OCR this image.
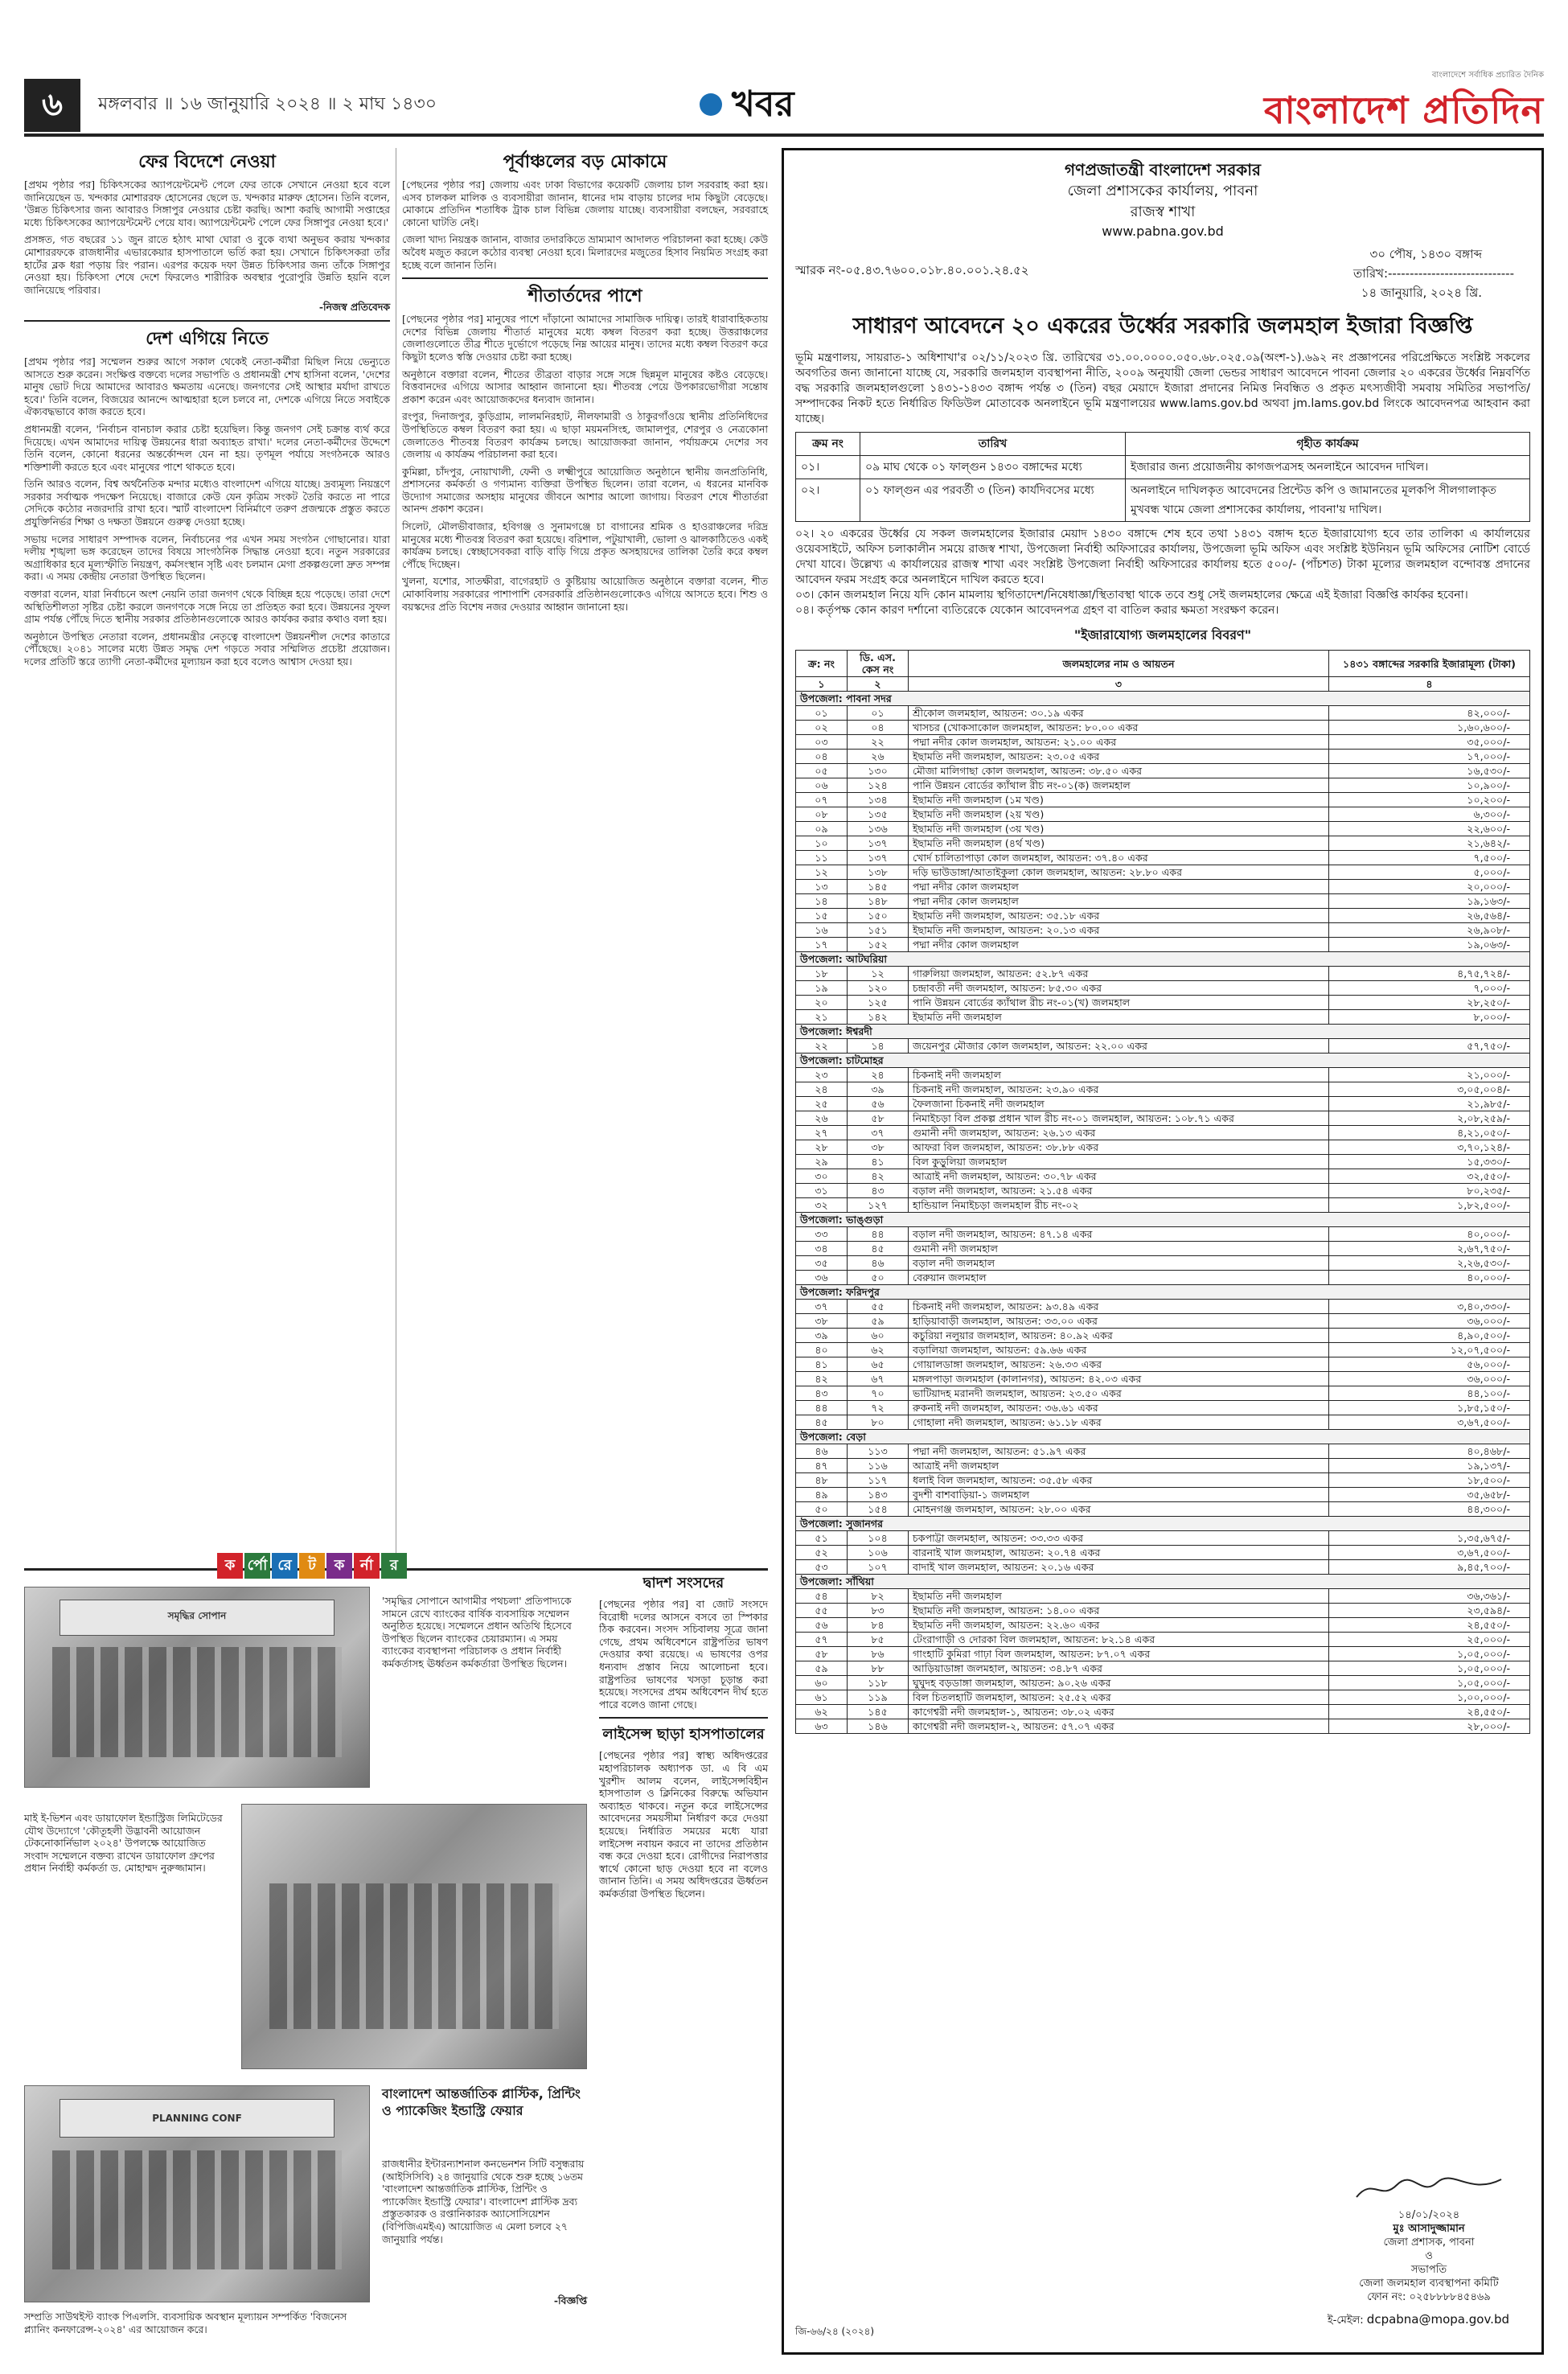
৬	মঙ্গলবার ॥ ১৬ জানুয়ারি ২০২৪ ॥ ২ মাঘ ১৪৩০	খবর
বাংলাদেশে সর্বাধিক প্রচারিত দৈনিক
বাংলাদেশ প্রতিদিন
ফের বিদেশে নেওয়া

[প্রথম পৃষ্ঠার পর] চিকিৎসকের অ্যাপয়েন্টমেন্ট পেলে ফের তাকে সেখানে নেওয়া হবে বলে জানিয়েছেন ড. খন্দকার মোশাররফ হোসেনের ছেলে ড. খন্দকার মারুফ হোসেন। তিনি বলেন, 'উন্নত চিকিৎসার জন্য আবারও সিঙ্গাপুর নেওয়ার চেষ্টা করছি। আশা করছি আগামী সপ্তাহের মধ্যে চিকিৎসকের অ্যাপয়েন্টমেন্ট পেয়ে যাব। অ্যাপয়েন্টমেন্ট পেলে ফের সিঙ্গাপুর নেওয়া হবে।'

প্রসঙ্গত, গত বছরের ১১ জুন রাতে হঠাৎ মাথা ঘোরা ও বুকে ব্যথা অনুভব করায় খন্দকার মোশাররফকে রাজধানীর এভারকেয়ার হাসপাতালে ভর্তি করা হয়। সেখানে চিকিৎসকরা তাঁর হার্টের ব্লক ধরা পড়ায় রিং পরান। এরপর কয়েক দফা উন্নত চিকিৎসার জন্য তাঁকে সিঙ্গাপুর নেওয়া হয়। চিকিৎসা শেষে দেশে ফিরলেও শারীরিক অবস্থার পুরোপুরি উন্নতি হয়নি বলে জানিয়েছে পরিবার।

-নিজস্ব প্রতিবেদক

দেশ এগিয়ে নিতে

[প্রথম পৃষ্ঠার পর] সম্মেলন শুরুর আগে সকাল থেকেই নেতা-কর্মীরা মিছিল নিয়ে ভেন্যুতে আসতে শুরু করেন। সংক্ষিপ্ত বক্তব্যে দলের সভাপতি ও প্রধানমন্ত্রী শেখ হাসিনা বলেন, 'দেশের মানুষ ভোট দিয়ে আমাদের আবারও ক্ষমতায় এনেছে। জনগণের সেই আস্থার মর্যাদা রাখতে হবে।' তিনি বলেন, বিজয়ের আনন্দে আত্মহারা হলে চলবে না, দেশকে এগিয়ে নিতে সবাইকে ঐক্যবদ্ধভাবে কাজ করতে হবে।

প্রধানমন্ত্রী বলেন, 'নির্বাচন বানচাল করার চেষ্টা হয়েছিল। কিন্তু জনগণ সেই চক্রান্ত ব্যর্থ করে দিয়েছে। এখন আমাদের দায়িত্ব উন্নয়নের ধারা অব্যাহত রাখা।' দলের নেতা-কর্মীদের উদ্দেশে তিনি বলেন, কোনো ধরনের অন্তর্কোন্দল যেন না হয়। তৃণমূল পর্যায়ে সংগঠনকে আরও শক্তিশালী করতে হবে এবং মানুষের পাশে থাকতে হবে।

তিনি আরও বলেন, বিশ্ব অর্থনৈতিক মন্দার মধ্যেও বাংলাদেশ এগিয়ে যাচ্ছে। দ্রব্যমূল্য নিয়ন্ত্রণে সরকার সর্বাত্মক পদক্ষেপ নিয়েছে। বাজারে কেউ যেন কৃত্রিম সংকট তৈরি করতে না পারে সেদিকে কঠোর নজরদারি রাখা হবে। স্মার্ট বাংলাদেশ বিনির্মাণে তরুণ প্রজন্মকে প্রস্তুত করতে প্রযুক্তিনির্ভর শিক্ষা ও দক্ষতা উন্নয়নে গুরুত্ব দেওয়া হচ্ছে।

সভায় দলের সাধারণ সম্পাদক বলেন, নির্বাচনের পর এখন সময় সংগঠন গোছানোর। যারা দলীয় শৃঙ্খলা ভঙ্গ করেছেন তাদের বিষয়ে সাংগঠনিক সিদ্ধান্ত নেওয়া হবে। নতুন সরকারের অগ্রাধিকার হবে মূল্যস্ফীতি নিয়ন্ত্রণ, কর্মসংস্থান সৃষ্টি এবং চলমান মেগা প্রকল্পগুলো দ্রুত সম্পন্ন করা। এ সময় কেন্দ্রীয় নেতারা উপস্থিত ছিলেন।

বক্তারা বলেন, যারা নির্বাচনে অংশ নেয়নি তারা জনগণ থেকে বিচ্ছিন্ন হয়ে পড়েছে। তারা দেশে অস্থিতিশীলতা সৃষ্টির চেষ্টা করলে জনগণকে সঙ্গে নিয়ে তা প্রতিহত করা হবে। উন্নয়নের সুফল গ্রাম পর্যন্ত পৌঁছে দিতে স্থানীয় সরকার প্রতিষ্ঠানগুলোকে আরও কার্যকর করার কথাও বলা হয়।

অনুষ্ঠানে উপস্থিত নেতারা বলেন, প্রধানমন্ত্রীর নেতৃত্বে বাংলাদেশ উন্নয়নশীল দেশের কাতারে পৌঁছেছে। ২০৪১ সালের মধ্যে উন্নত সমৃদ্ধ দেশ গড়তে সবার সম্মিলিত প্রচেষ্টা প্রয়োজন। দলের প্রতিটি স্তরে ত্যাগী নেতা-কর্মীদের মূল্যায়ন করা হবে বলেও আশ্বাস দেওয়া হয়।

পূর্বাঞ্চলের বড় মোকামে

[পেছনের পৃষ্ঠার পর] জেলায় এবং ঢাকা বিভাগের কয়েকটি জেলায় চাল সরবরাহ করা হয়। এসব চালকল মালিক ও ব্যবসায়ীরা জানান, ধানের দাম বাড়ায় চালের দাম কিছুটা বেড়েছে। মোকামে প্রতিদিন শতাধিক ট্রাক চাল বিভিন্ন জেলায় যাচ্ছে। ব্যবসায়ীরা বলছেন, সরবরাহে কোনো ঘাটতি নেই।

জেলা খাদ্য নিয়ন্ত্রক জানান, বাজার তদারকিতে ভ্রাম্যমাণ আদালত পরিচালনা করা হচ্ছে। কেউ অবৈধ মজুত করলে কঠোর ব্যবস্থা নেওয়া হবে। মিলারদের মজুতের হিসাব নিয়মিত সংগ্রহ করা হচ্ছে বলে জানান তিনি।

শীতার্তদের পাশে

[পেছনের পৃষ্ঠার পর] মানুষের পাশে দাঁড়ানো আমাদের সামাজিক দায়িত্ব। তারই ধারাবাহিকতায় দেশের বিভিন্ন জেলায় শীতার্ত মানুষের মধ্যে কম্বল বিতরণ করা হচ্ছে। উত্তরাঞ্চলের জেলাগুলোতে তীব্র শীতে দুর্ভোগে পড়েছে নিম্ন আয়ের মানুষ। তাদের মধ্যে কম্বল বিতরণ করে কিছুটা হলেও স্বস্তি দেওয়ার চেষ্টা করা হচ্ছে।

অনুষ্ঠানে বক্তারা বলেন, শীতের তীব্রতা বাড়ার সঙ্গে সঙ্গে ছিন্নমূল মানুষের কষ্টও বেড়েছে। বিত্তবানদের এগিয়ে আসার আহ্বান জানানো হয়। শীতবস্ত্র পেয়ে উপকারভোগীরা সন্তোষ প্রকাশ করেন এবং আয়োজকদের ধন্যবাদ জানান।

রংপুর, দিনাজপুর, কুড়িগ্রাম, লালমনিরহাট, নীলফামারী ও ঠাকুরগাঁওয়ে স্থানীয় প্রতিনিধিদের উপস্থিতিতে কম্বল বিতরণ করা হয়। এ ছাড়া ময়মনসিংহ, জামালপুর, শেরপুর ও নেত্রকোনা জেলাতেও শীতবস্ত্র বিতরণ কার্যক্রম চলছে। আয়োজকরা জানান, পর্যায়ক্রমে দেশের সব জেলায় এ কার্যক্রম পরিচালনা করা হবে।

কুমিল্লা, চাঁদপুর, নোয়াখালী, ফেনী ও লক্ষ্মীপুরে আয়োজিত অনুষ্ঠানে স্থানীয় জনপ্রতিনিধি, প্রশাসনের কর্মকর্তা ও গণ্যমান্য ব্যক্তিরা উপস্থিত ছিলেন। তারা বলেন, এ ধরনের মানবিক উদ্যোগ সমাজের অসহায় মানুষের জীবনে আশার আলো জাগায়। বিতরণ শেষে শীতার্তরা আনন্দ প্রকাশ করেন।

সিলেট, মৌলভীবাজার, হবিগঞ্জ ও সুনামগঞ্জে চা বাগানের শ্রমিক ও হাওরাঞ্চলের দরিদ্র মানুষের মধ্যে শীতবস্ত্র বিতরণ করা হয়েছে। বরিশাল, পটুয়াখালী, ভোলা ও ঝালকাঠিতেও একই কার্যক্রম চলছে। স্বেচ্ছাসেবকরা বাড়ি বাড়ি গিয়ে প্রকৃত অসহায়দের তালিকা তৈরি করে কম্বল পৌঁছে দিচ্ছেন।

খুলনা, যশোর, সাতক্ষীরা, বাগেরহাট ও কুষ্টিয়ায় আয়োজিত অনুষ্ঠানে বক্তারা বলেন, শীত মোকাবিলায় সরকারের পাশাপাশি বেসরকারি প্রতিষ্ঠানগুলোকেও এগিয়ে আসতে হবে। শিশু ও বয়স্কদের প্রতি বিশেষ নজর দেওয়ার আহ্বান জানানো হয়।

ক র্পো রে	ট	ক	র্না	র
সমৃদ্ধির সোপান
'সমৃদ্ধির সোপানে আগামীর পথচলা' প্রতিপাদ্যকে সামনে রেখে ব্যাংকের বার্ষিক ব্যবসায়িক সম্মেলন অনুষ্ঠিত হয়েছে। সম্মেলনে প্রধান অতিথি হিসেবে উপস্থিত ছিলেন ব্যাংকের চেয়ারম্যান। এ সময় ব্যাংকের ব্যবস্থাপনা পরিচালক ও প্রধান নির্বাহী কর্মকর্তাসহ ঊর্ধ্বতন কর্মকর্তারা উপস্থিত ছিলেন।
মাই ই-ভিশন এবং ডায়াফোল ইন্ডাস্ট্রিজ লিমিটেডের যৌথ উদ্যোগে 'কৌতূহলী উদ্ভাবনী আয়োজন টেকনোকার্নিভাল ২০২৪' উপলক্ষে আয়োজিত সংবাদ সম্মেলনে বক্তব্য রাখেন ডায়াফোল গ্রুপের প্রধান নির্বাহী কর্মকর্তা ড. মোহাম্মদ নুরুজ্জামান।
PLANNING CONF
সম্প্রতি সাউথইস্ট ব্যাংক পিএলসি. ব্যবসায়িক অবস্থান মূল্যায়ন সম্পর্কিত 'বিজনেস প্ল্যানিং কনফারেন্স-২০২৪' এর আয়োজন করে।
বাংলাদেশ আন্তর্জাতিক প্লাস্টিক, প্রিন্টিং ও প্যাকেজিং ইন্ডাস্ট্রি ফেয়ার
রাজধানীর ইন্টারন্যাশনাল কনভেনশন সিটি বসুন্ধরায় (আইসিসিবি) ২৪ জানুয়ারি থেকে শুরু হচ্ছে ১৬তম 'বাংলাদেশ আন্তর্জাতিক প্লাস্টিক, প্রিন্টিং ও প্যাকেজিং ইন্ডাস্ট্রি ফেয়ার'। বাংলাদেশ প্লাস্টিক দ্রব্য প্রস্তুতকারক ও রপ্তানিকারক অ্যাসোসিয়েশন (বিপিজিএমইএ) আয়োজিত এ মেলা চলবে ২৭ জানুয়ারি পর্যন্ত।
-বিজ্ঞপ্তি
দ্বাদশ সংসদের

[পেছনের পৃষ্ঠার পর] বা জোট সংসদে বিরোধী দলের আসনে বসবে তা স্পিকার ঠিক করবেন। সংসদ সচিবালয় সূত্রে জানা গেছে, প্রথম অধিবেশনে রাষ্ট্রপতির ভাষণ দেওয়ার কথা রয়েছে। এ ভাষণের ওপর ধন্যবাদ প্রস্তাব নিয়ে আলোচনা হবে। রাষ্ট্রপতির ভাষণের খসড়া চূড়ান্ত করা হয়েছে। সংসদের প্রথম অধিবেশন দীর্ঘ হতে পারে বলেও জানা গেছে।

লাইসেন্স ছাড়া হাসপাতালের

[পেছনের পৃষ্ঠার পর] স্বাস্থ্য অধিদপ্তরের মহাপরিচালক অধ্যাপক ডা. এ বি এম খুরশীদ আলম বলেন, লাইসেন্সবিহীন হাসপাতাল ও ক্লিনিকের বিরুদ্ধে অভিযান অব্যাহত থাকবে। নতুন করে লাইসেন্সের আবেদনের সময়সীমা নির্ধারণ করে দেওয়া হয়েছে। নির্ধারিত সময়ের মধ্যে যারা লাইসেন্স নবায়ন করবে না তাদের প্রতিষ্ঠান বন্ধ করে দেওয়া হবে। রোগীদের নিরাপত্তার স্বার্থে কোনো ছাড় দেওয়া হবে না বলেও জানান তিনি। এ সময় অধিদপ্তরের ঊর্ধ্বতন কর্মকর্তারা উপস্থিত ছিলেন।

গণপ্রজাতন্ত্রী বাংলাদেশ সরকার
জেলা প্রশাসকের কার্যালয়, পাবনা
রাজস্ব শাখা
www.pabna.gov.bd
স্মারক নং-০৫.৪৩.৭৬০০.০১৮.৪০.০০১.২৪.৫২
৩০ পৌষ, ১৪৩০ বঙ্গাব্দ
তারিখ:-----------------------------
১৪ জানুয়ারি, ২০২৪ খ্রি.
সাধারণ আবেদনে ২০ একরের উর্ধ্বের সরকারি জলমহাল ইজারা বিজ্ঞপ্তি

ভূমি মন্ত্রণালয়, সায়রাত-১ অধিশাখা'র ০২/১১/২০২৩ খ্রি. তারিখের ৩১.০০.০০০০.০৫০.৬৮.০২৫.০৯(অংশ-১).৬৯২ নং প্রজ্ঞাপনের পরিপ্রেক্ষিতে সংশ্লিষ্ট সকলের অবগতির জন্য জানানো যাচ্ছে যে, সরকারি জলমহাল ব্যবস্থাপনা নীতি, ২০০৯ অনুযায়ী জেলা ভেন্ডর সাধারণ আবেদনে পাবনা জেলার ২০ একরের উর্ধ্বের নিম্নবর্ণিত বদ্ধ সরকারি জলমহালগুলো ১৪৩১-১৪৩৩ বঙ্গাব্দ পর্যন্ত ৩ (তিন) বছর মেয়াদে ইজারা প্রদানের নিমিত্ত নিবন্ধিত ও প্রকৃত মৎস্যজীবী সমবায় সমিতির সভাপতি/সম্পাদকের নিকট হতে নির্ধারিত ফিডিউল মোতাবেক অনলাইনে ভূমি মন্ত্রণালয়ের www.lams.gov.bd অথবা jm.lams.gov.bd লিংকে আবেদনপত্র আহবান করা যাচ্ছে।

ক্রম নং	তারিখ	গৃহীত কার্যক্রম
০১।	০৯ মাঘ থেকে ০১ ফাল্গুন ১৪৩০ বঙ্গাব্দের মধ্যে	ইজারার জন্য প্রয়োজনীয় কাগজপত্রসহ অনলাইনে আবেদন দাখিল।
০২।	০১ ফাল্গুন এর পরবর্তী ৩ (তিন) কার্যদিবসের মধ্যে	অনলাইনে দাখিলকৃত আবেদনের প্রিন্টেড কপি ও জামানতের মূলকপি সীলগালাকৃত মুখবন্ধ খামে জেলা প্রশাসকের কার্যালয়, পাবনা'য় দাখিল।

০২। ২০ একরের উর্ধ্বের যে সকল জলমহালের ইজারার মেয়াদ ১৪৩০ বঙ্গাব্দে শেষ হবে তথা ১৪৩১ বঙ্গাব্দ হতে ইজারাযোগ্য হবে তার তালিকা এ কার্যালয়ের ওয়েবসাইটে, অফিস চলাকালীন সময়ে রাজস্ব শাখা, উপজেলা নির্বাহী অফিসারের কার্যালয়, উপজেলা ভূমি অফিস এবং সংশ্লিষ্ট ইউনিয়ন ভূমি অফিসের নোটিশ বোর্ডে দেখা যাবে। উল্লেখ্য এ কার্যালয়ের রাজস্ব শাখা এবং সংশ্লিষ্ট উপজেলা নির্বাহী অফিসারের কার্যালয় হতে ৫০০/- (পাঁচশত) টাকা মূল্যের জলমহাল বন্দোবস্ত প্রদানের আবেদন ফরম সংগ্রহ করে অনলাইনে দাখিল করতে হবে।

০৩। কোন জলমহাল নিয়ে যদি কোন মামলায় স্থগিতাদেশ/নিষেধাজ্ঞা/স্থিতাবস্থা থাকে তবে শুধু সেই জলমহালের ক্ষেত্রে এই ইজারা বিজ্ঞপ্তি কার্যকর হবেনা।

০৪। কর্তৃপক্ষ কোন কারণ দর্শানো ব্যতিরেকে যেকোন আবেদনপত্র গ্রহণ বা বাতিল করার ক্ষমতা সংরক্ষণ করেন।

"ইজারাযোগ্য জলমহালের বিবরণ"
ক্র: নং	ডি. এস. কেস নং	জলমহালের নাম ও আয়তন	১৪৩১ বঙ্গাব্দের সরকারি ইজারামূল্য (টাকা)
১	২	৩	৪
উপজেলা: পাবনা সদর			
০১	০১	শ্রীকোল জলমহাল, আয়তন: ৩০.১৯ একর	৪২,০০০/-
০২	০৪	খাসচর (খোকসাকোল জলমহাল, আয়তন: ৮০.০০ একর	১,৬০,৬০০/-
০৩	২২	পদ্মা নদীর কোল জলমহাল, আয়তন: ২১.০০ একর	৩৫,০০০/-
০৪	২৬	ইছামতি নদী জলমহাল, আয়তন: ২৩.০৫ একর	১৭,০০০/-
০৫	১৩০	মৌজা মালিগাছা কোল জলমহাল, আয়তন: ৩৮.৫০ একর	১৬,৫৩০/-
০৬	১২৪	পানি উন্নয়ন বোর্ডের ক্যাঁথাল রীচ নং-০১(ক) জলমহাল	১০,৯০০/-
০৭	১৩৪	ইছামতি নদী জলমহাল (১ম খণ্ড)	১০,২০০/-
০৮	১৩৫	ইছামতি নদী জলমহাল (২য় খণ্ড)	৬,৩০০/-
০৯	১৩৬	ইছামতি নদী জলমহাল (৩য় খণ্ড)	২২,৬০০/-
১০	১৩৭	ইছামতি নদী জলমহাল (৪র্থ খণ্ড)	২১,৬৪২/-
১১	১৩৭	খোর্দ চালিতাপাড়া কোল জলমহাল, আয়তন: ৩৭.৪০ একর	৭,৫০০/-
১২	১৩৮	দড়ি ভাউডাঙ্গা/আতাইকুলা কোল জলমহাল, আয়তন: ২৮.৮০ একর	৫,০০০/-
১৩	১৪৫	পদ্মা নদীর কোল জলমহাল	২০,০০০/-
১৪	১৪৮	পদ্মা নদীর কোল জলমহাল	১৯,১৬৩/-
১৫	১৫০	ইছামতি নদী জলমহাল, আয়তন: ৩৫.১৮ একর	২৬,৫৬৪/-
১৬	১৫১	ইছামতি নদী জলমহাল, আয়তন: ২০.১৩ একর	২৬,৯০৮/-
১৭	১৫২	পদ্মা নদীর কোল জলমহাল	১৯,০৬৩/-
উপজেলা: আটঘরিয়া			
১৮	১২	গারুলিয়া জলমহাল, আয়তন: ৫২.৮৭ একর	৪,৭৫,৭২৪/-
১৯	১২০	চন্দ্রাবতী নদী জলমহাল, আয়তন: ৮৫.৩০ একর	৭,০০০/-
২০	১২৫	পানি উন্নয়ন বোর্ডের ক্যাঁথাল রীচ নং-০১(খ) জলমহাল	২৮,২৫০/-
২১	১৪২	ইছামতি নদী জলমহাল	৮,০০০/-
উপজেলা: ঈশ্বরদী			
২২	১৪	জয়েনপুর মৌজার কোল জলমহাল, আয়তন: ২২.০০ একর	৫৭,৭৫০/-
উপজেলা: চাটমোহর			
২৩	২৪	চিকনাই নদী জলমহাল	২১,০০০/-
২৪	৩৯	চিকনাই নদী জলমহাল, আয়তন: ২৩.৯০ একর	৩,০৫,০০৪/-
২৫	৫৬	ফৈলজানা চিকনাই নদী জলমহাল	২১,৯৮৫/-
২৬	৫৮	নিমাইচড়া বিল প্রকল্প প্রধান খাল রীচ নং-০১ জলমহাল, আয়তন: ১০৮.৭১ একর	২,০৮,২৫৯/-
২৭	৩৭	গুমানী নদী জলমহাল, আয়তন: ২৬.১৩ একর	৪,২১,০৫০/-
২৮	৩৮	আফরা বিল জলমহাল, আয়তন: ৩৮.৮৮ একর	৩,৭০,১২৪/-
২৯	৪১	বিল কুড়ুলিয়া জলমহাল	১৫,৩৩০/-
৩০	৪২	আত্রাই নদী জলমহাল, আয়তন: ৩০.৭৮ একর	৩২,৫৫০/-
৩১	৪৩	বড়াল নদী জলমহাল, আয়তন: ২১.৫৪ একর	৮০,২৩৫/-
৩২	১২৭	হান্ডিয়াল নিমাইচড়া জলমহাল রীচ নং-০২	১,৮২,৫০০/-
উপজেলা: ভাঙ্গুড়া			
৩৩	৪৪	বড়াল নদী জলমহাল, আয়তন: ৪৭.১৪ একর	৪০,০০০/-
৩৪	৪৫	গুমানী নদী জলমহাল	২,৬৭,৭৫০/-
৩৫	৪৬	বড়াল নদী জলমহাল	২,২৬,৫৩০/-
৩৬	৫০	বেরুয়ান জলমহাল	৪০,০০০/-
উপজেলা: ফরিদপুর			
৩৭	৫৫	চিকনাই নদী জলমহাল, আয়তন: ৯৩.৪৯ একর	৩,৪০,৩৩০/-
৩৮	৫৯	হাড়িয়াবাড়ী জলমহাল, আয়তন: ৩৩.০০ একর	৩৬,০০০/-
৩৯	৬০	কচুরিয়া নলুয়ার জলমহাল, আয়তন: ৪০.৯২ একর	৪,৯০,৫০০/-
৪০	৬২	বড়ালিয়া জলমহাল, আয়তন: ৫৯.৬৬ একর	১২,০৭,৫০০/-
৪১	৬৫	গোয়ালডাঙ্গা জলমহাল, আয়তন: ২৬.৩৩ একর	৫৬,০০০/-
৪২	৬৭	মঙ্গলপাড়া জলমহাল (কালানগর), আয়তন: ৪২.০৩ একর	৩৬,০০০/-
৪৩	৭০	ভাটিয়াদহ মরানদী জলমহাল, আয়তন: ২৩.৫০ একর	৪৪,১০০/-
৪৪	৭২	রুকনাই নদী জলমহাল, আয়তন: ৩৬.৬১ একর	১,৮৫,১৫০/-
৪৫	৮০	গোহালা নদী জলমহাল, আয়তন: ৬১.১৮ একর	৩,৬৭,৫০০/-
উপজেলা: বেড়া			
৪৬	১১৩	পদ্মা নদী জলমহাল, আয়তন: ৫১.৯৭ একর	৪০,৪৬৮/-
৪৭	১১৬	আত্রাই নদী জলমহাল	১৯,১৩৭/-
৪৮	১১৭	ধলাই বিল জলমহাল, আয়তন: ৩৫.৫৮ একর	১৮,৫০০/-
৪৯	১৪৩	বুদশী বাশবাড়িয়া-১ জলমহাল	৩৫,৬৫৮/-
৫০	১৫৪	মোহনগঞ্জ জলমহাল, আয়তন: ২৮.০০ একর	৪৪,৩০০/-
উপজেলা: সুজানগর			
৫১	১০৪	চকপাট্টা জলমহাল, আয়তন: ৩৩.৩৩ একর	১,৩৫,৬৭৫/-
৫২	১০৬	বারনাই খাল জলমহাল, আয়তন: ২০.৭৪ একর	৩,৬৭,৫০০/-
৫৩	১০৭	বাদাই খাল জলমহাল, আয়তন: ২০.১৬ একর	৯,৪৫,৭০০/-
উপজেলা: সাঁথিয়া			
৫৪	৮২	ইছামতি নদী জলমহাল	৩৬,৩৬১/-
৫৫	৮৩	ইছামতি নদী জলমহাল, আয়তন: ১৪.০০ একর	২৩,৫৯৪/-
৫৬	৮৪	ইছামতি নদী জলমহাল, আয়তন: ২২.৬০ একর	২৪,৫৫০/-
৫৭	৮৫	টেংরাগাড়ী ও দোরকা বিল জলমহাল, আয়তন: ৮২.১৪ একর	২৫,০০০/-
৫৮	৮৬	গাংহাটি কুমিরা গাঢ়া বিল জলমহাল, আয়তন: ৮৭.০৭ একর	১,০৫,০০০/-
৫৯	৮৮	আড়িয়াডাঙ্গা জলমহাল, আয়তন: ৩৪.৮৭ একর	১,০৫,০০০/-
৬০	১১৮	ঘুঘুদহ বড়ডাঙ্গা জলমহাল, আয়তন: ৯০.২৬ একর	১,০৫,০০০/-
৬১	১১৯	বিল চিতলহাটি জলমহাল, আয়তন: ২৫.৫২ একর	১,০০,০০০/-
৬২	১৪৫	কাগেশ্বরী নদী জলমহাল-১, আয়তন: ৩৮.০২ একর	২৪,৫৫০/-
৬৩	১৪৬	কাগেশ্বরী নদী জলমহাল-২, আয়তন: ৫৭.০৭ একর	২৮,০০০/-
জি-৬৬/২৪ (২০২৪)
১৪/০১/২০২৪
মুঃ আসাদুজ্জামান
জেলা প্রশাসক, পাবনা
ও
সভাপতি
জেলা জলমহাল ব্যবস্থাপনা কমিটি
ফোন নং: ০২৫৮৮৮৮৪৫৪৬৯
ই-মেইল: dcpabna@mopa.gov.bd
